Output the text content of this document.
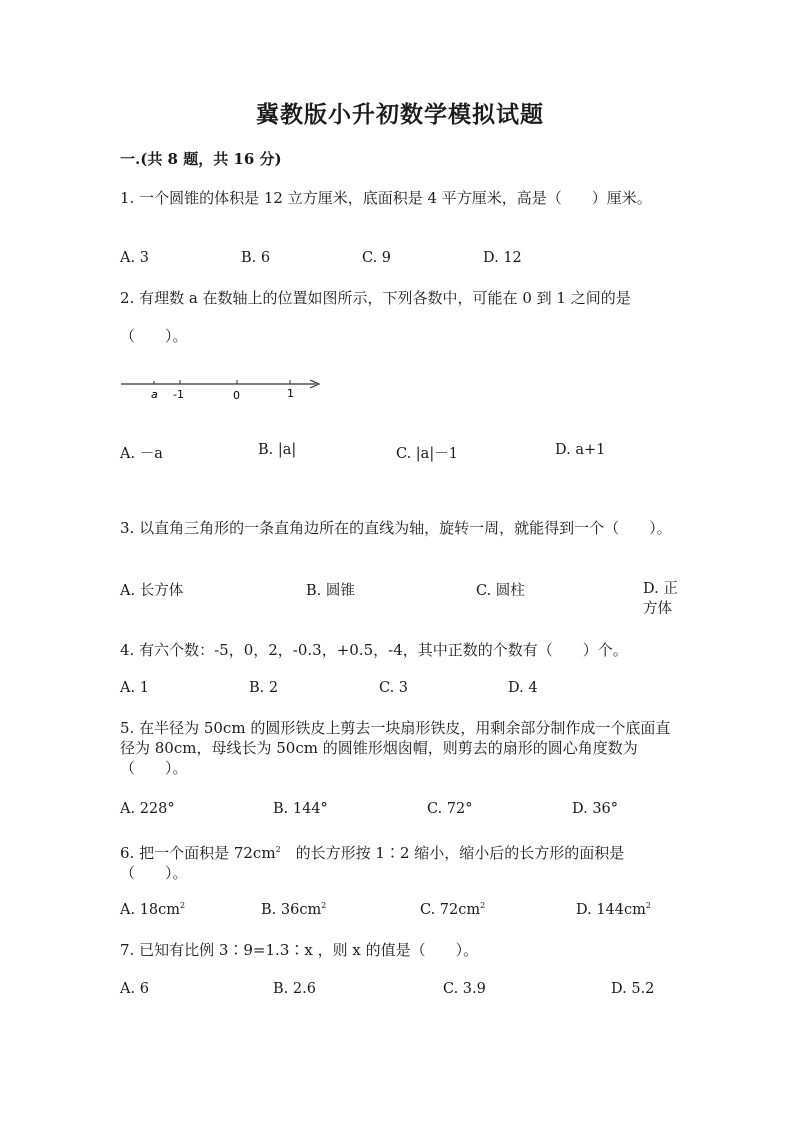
冀教版小升初数学模拟试题
一.(共 8 题，共 16 分)
1. 一个圆锥的体积是 12 立方厘米，底面积是 4 平方厘米，高是（　　）厘米。
A. 3	B. 6	C. 9	D. 12
2. 有理数 a 在数轴上的位置如图所示，下列各数中，可能在 0 到 1 之间的是
（　　）。
a -1	0	1
A. －a	B. |a|	C. |a|－1	D. a+1
3. 以直角三角形的一条直角边所在的直线为轴，旋转一周，就能得到一个（　　）。
A. 长方体	B. 圆锥	C. 圆柱	D. 正方体
4. 有六个数：-5，0，2，-0.3，+0.5，-4，其中正数的个数有（　　）个。
A. 1	B. 2	C. 3	D. 4
5. 在半径为 50cm 的圆形铁皮上剪去一块扇形铁皮，用剩余部分制作成一个底面直径为 80cm，母线长为 50cm 的圆锥形烟囱帽，则剪去的扇形的圆心角度数为（　　）。
A. 228°	B. 144°	C. 72°	D. 36°
6. 把一个面积是 $72cm^2$　的长方形按 1∶2 缩小，缩小后的长方形的面积是（　　）。
A. $18cm^2$	B. $36cm^2$	C. $72cm^2$	D. $144cm^2$
7. 已知有比例 3∶9=1.3∶x ，则 x 的值是（　　）。
A. 6	B. 2.6	C. 3.9	D. 5.2
